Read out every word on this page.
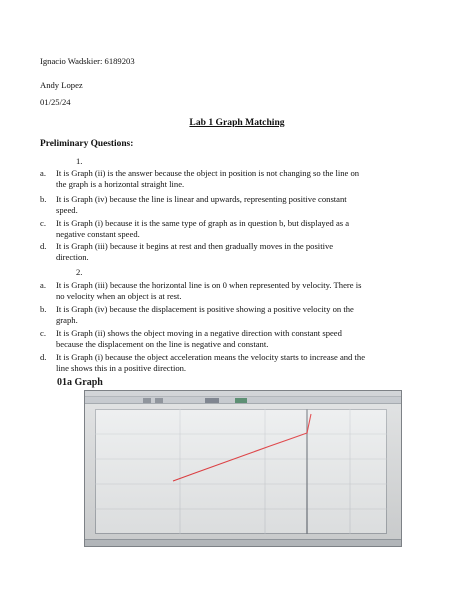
Ignacio Wadskier: 6189203
Andy Lopez
01/25/24
Lab 1 Graph Matching
Preliminary Questions:
1.
a.	It is Graph (ii) is the answer because the object in position is not changing so the line on
the graph is a horizontal straight line.
b.	It is Graph (iv) because the line is linear and upwards, representing positive constant
speed.
c.	It is Graph (i) because it is the same type of graph as in question b, but displayed as a
negative constant speed.
d.	It is Graph (iii) because it begins at rest and then gradually moves in the positive
direction.
2.
a.	It is Graph (iii) because the horizontal line is on 0 when represented by velocity. There is
no velocity when an object is at rest.
b.	It is Graph (iv) because the displacement is positive showing a positive velocity on the
graph.
c.	It is Graph (ii) shows the object moving in a negative direction with constant speed
because the displacement on the line is negative and constant.
d.	It is Graph (i) because the object acceleration means the velocity starts to increase and the
line shows this in a positive direction.
01a Graph
